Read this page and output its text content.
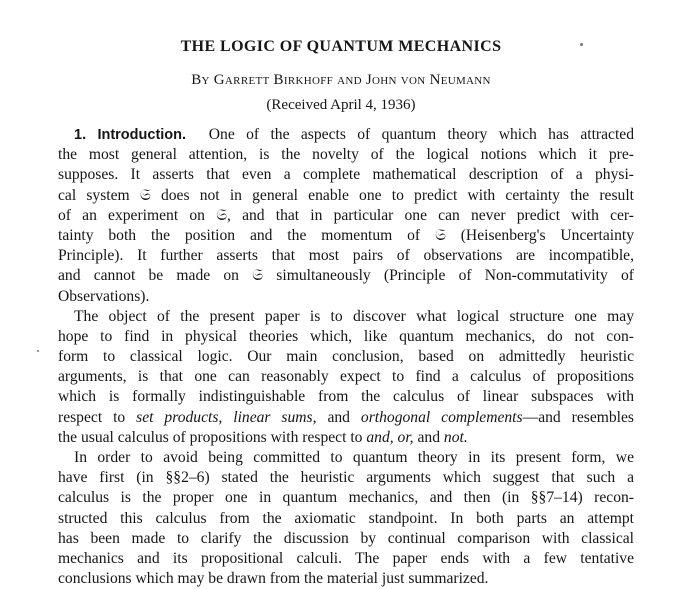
THE LOGIC OF QUANTUM MECHANICS
By Garrett Birkhoff and John von Neumann
(Received April 4, 1936)
1. Introduction. One of the aspects of quantum theory which has attracted
the most general attention, is the novelty of the logical notions which it pre-
supposes. It asserts that even a complete mathematical description of a physi-
cal system 𝔖 does not in general enable one to predict with certainty the result
of an experiment on 𝔖, and that in particular one can never predict with cer-
tainty both the position and the momentum of 𝔖 (Heisenberg's Uncertainty
Principle). It further asserts that most pairs of observations are incompatible,
and cannot be made on 𝔖 simultaneously (Principle of Non-commutativity of
Observations).
The object of the present paper is to discover what logical structure one may
hope to find in physical theories which, like quantum mechanics, do not con-
form to classical logic. Our main conclusion, based on admittedly heuristic
arguments, is that one can reasonably expect to find a calculus of propositions
which is formally indistinguishable from the calculus of linear subspaces with
respect to set products, linear sums, and orthogonal complements—and resembles
the usual calculus of propositions with respect to and, or, and not.
In order to avoid being committed to quantum theory in its present form, we
have first (in §§2–6) stated the heuristic arguments which suggest that such a
calculus is the proper one in quantum mechanics, and then (in §§7–14) recon-
structed this calculus from the axiomatic standpoint. In both parts an attempt
has been made to clarify the discussion by continual comparison with classical
mechanics and its propositional calculi. The paper ends with a few tentative
conclusions which may be drawn from the material just summarized.
